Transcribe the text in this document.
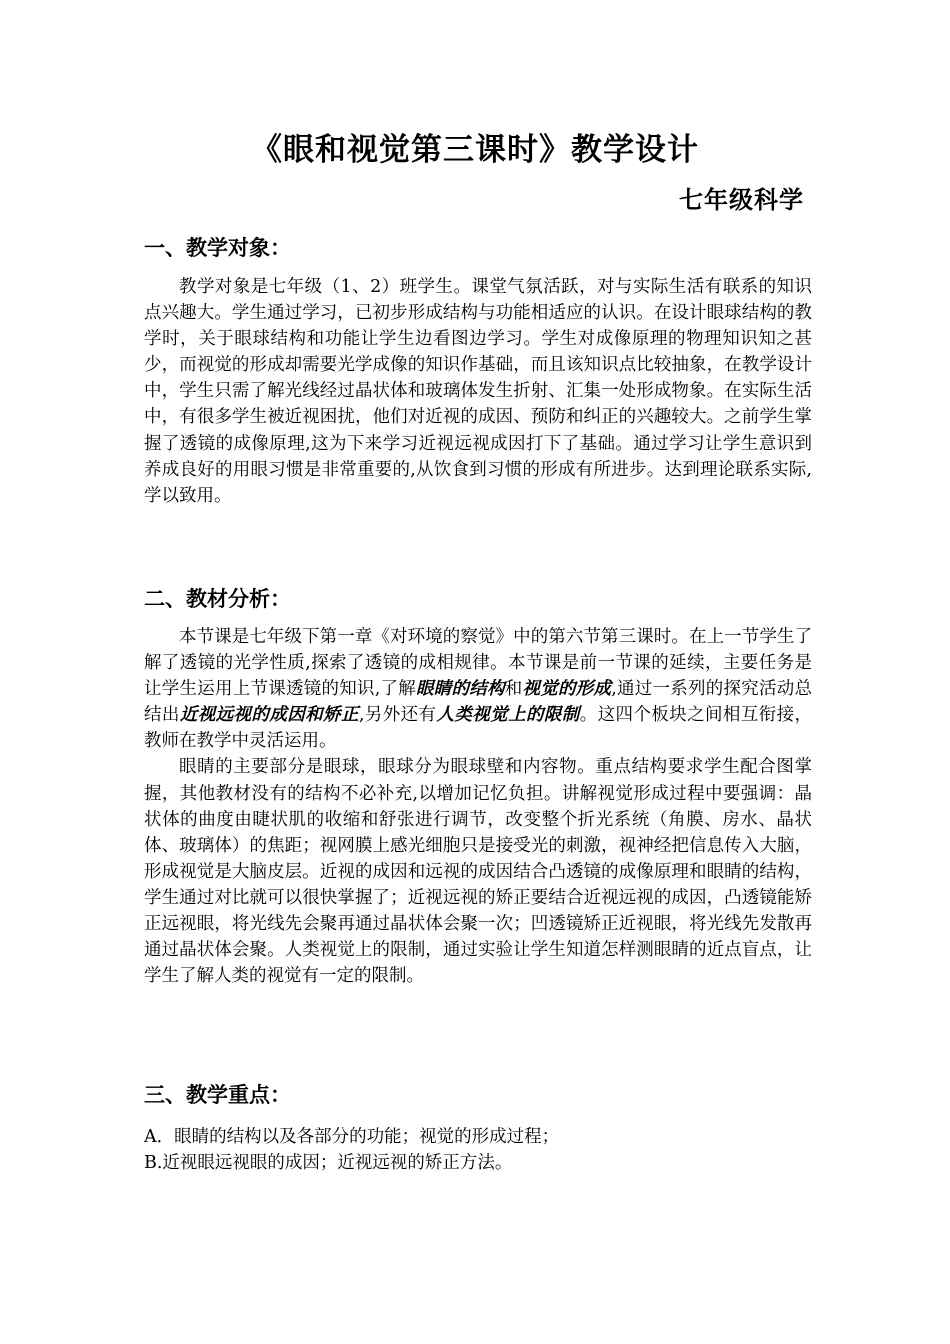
《眼和视觉第三课时》教学设计

七年级科学

一、教学对象：

教学对象是七年级（1、2）班学生。课堂气氛活跃，对与实际生活有联系的知识点兴趣大。学生通过学习，已初步形成结构与功能相适应的认识。在设计眼球结构的教学时，关于眼球结构和功能让学生边看图边学习。学生对成像原理的物理知识知之甚少，而视觉的形成却需要光学成像的知识作基础，而且该知识点比较抽象，在教学设计中，学生只需了解光线经过晶状体和玻璃体发生折射、汇集一处形成物象。在实际生活中，有很多学生被近视困扰，他们对近视的成因、预防和纠正的兴趣较大。之前学生掌握了透镜的成像原理,这为下来学习近视远视成因打下了基础。通过学习让学生意识到养成良好的用眼习惯是非常重要的,从饮食到习惯的形成有所进步。达到理论联系实际,学以致用。

二、教材分析：

本节课是七年级下第一章《对环境的察觉》中的第六节第三课时。在上一节学生了解了透镜的光学性质,探索了透镜的成相规律。本节课是前一节课的延续，主要任务是让学生运用上节课透镜的知识,了解眼睛的结构和视觉的形成,通过一系列的探究活动总结出近视远视的成因和矫正,另外还有人类视觉上的限制。这四个板块之间相互衔接，教师在教学中灵活运用。

眼睛的主要部分是眼球，眼球分为眼球壁和内容物。重点结构要求学生配合图掌握，其他教材没有的结构不必补充,以增加记忆负担。讲解视觉形成过程中要强调：晶状体的曲度由睫状肌的收缩和舒张进行调节，改变整个折光系统（角膜、房水、晶状体、玻璃体）的焦距；视网膜上感光细胞只是接受光的刺激，视神经把信息传入大脑，形成视觉是大脑皮层。近视的成因和远视的成因结合凸透镜的成像原理和眼睛的结构，学生通过对比就可以很快掌握了；近视远视的矫正要结合近视远视的成因，凸透镜能矫正远视眼，将光线先会聚再通过晶状体会聚一次；凹透镜矫正近视眼，将光线先发散再通过晶状体会聚。人类视觉上的限制，通过实验让学生知道怎样测眼睛的近点盲点，让学生了解人类的视觉有一定的限制。

三、教学重点：

A．眼睛的结构以及各部分的功能；视觉的形成过程；

B.近视眼远视眼的成因；近视远视的矫正方法。
